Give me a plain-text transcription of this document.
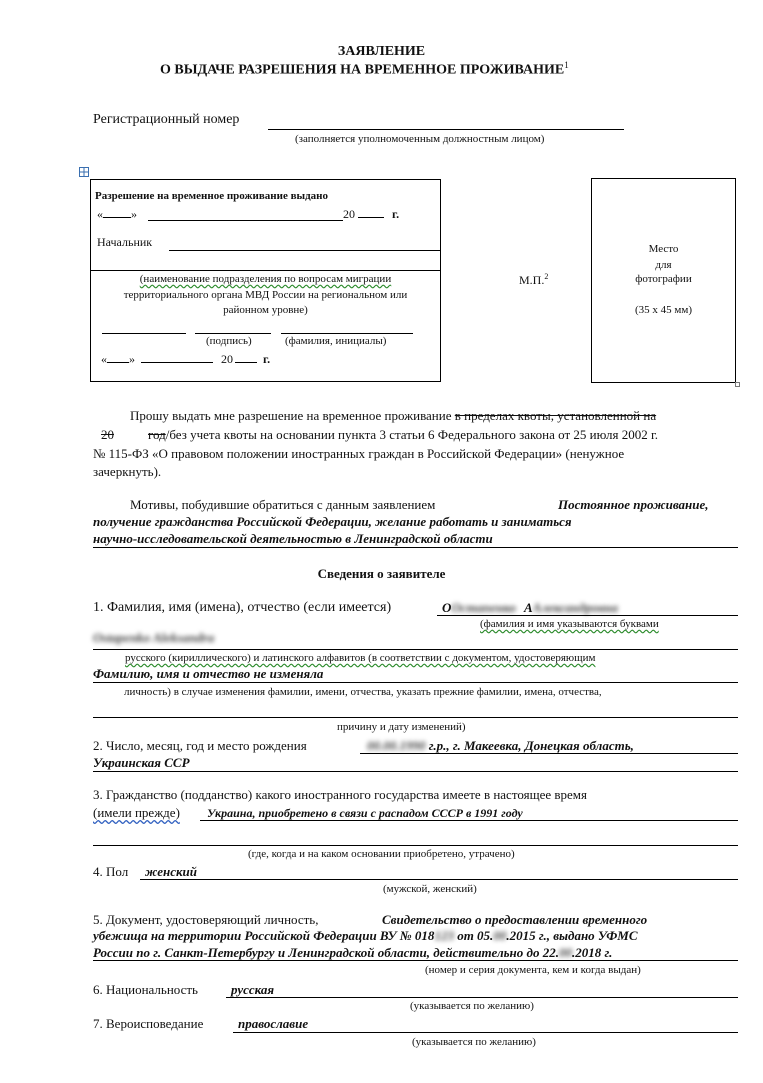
ЗАЯВЛЕНИЕ
О ВЫДАЧЕ РАЗРЕШЕНИЯ НА ВРЕМЕННОЕ ПРОЖИВАНИЕ$^1$
Регистрационный номер
(заполняется уполномоченным должностным лицом)
Разрешение на временное проживание выдано
« »	20	г.
Начальник
(наименование подразделения по вопросам миграции
территориального органа МВД России на региональном или
районном уровне)
(подпись)	(фамилия, инициалы)
« »	20	г.
М.П.$^2$
Место
для
фотографии
(35 х 45 мм)
Прошу выдать мне разрешение на временное проживание в пределах квоты, установленной на
20	год/без учета квоты на основании пункта 3 статьи 6 Федерального закона от 25 июля 2002 г.
№ 115-ФЗ «О правовом положении иностранных граждан в Российской Федерации» (ненужное
зачеркнуть).
Мотивы, побудившие обратиться с данным заявлением	Постоянное проживание,
получение гражданства Российской Федерации, желание работать и заниматься
научно-исследовательской деятельностью в Ленинградской области
Сведения о заявителе
1. Фамилия, имя (имена), отчество (если имеется)	ООстапенко ААлександровна
Ostapenko Aleksandra
(фамилия и имя указываются буквами
русского (кириллического) и латинского алфавитов (в соответствии с документом, удостоверяющим
Фамилию, имя и отчество не изменяла
личность) в случае изменения фамилии, имени, отчества, указать прежние фамилии, имена, отчества,
причину и дату изменений)
2. Число, месяц, год и место рождения	00.00.1990 г.р., г. Макеевка, Донецкая область,
Украинская ССР
3. Гражданство (подданство) какого иностранного государства имеете в настоящее время
(имели прежде) Украина, приобретено в связи с распадом СССР в 1991 году
(где, когда и на каком основании приобретено, утрачено)
4. Пол женский
(мужской, женский)
5. Документ, удостоверяющий личность,	Свидетельство о предоставлении временного
убежища на территории Российской Федерации ВУ № 018123 от 05.00.2015 г., выдано УФМС
России по г. Санкт-Петербургу и Ленинградской области, действительно до 22.00.2018 г.
(номер и серия документа, кем и когда выдан)
6. Национальность	русская
(указывается по желанию)
7. Вероисповедание	православие
(указывается по желанию)
